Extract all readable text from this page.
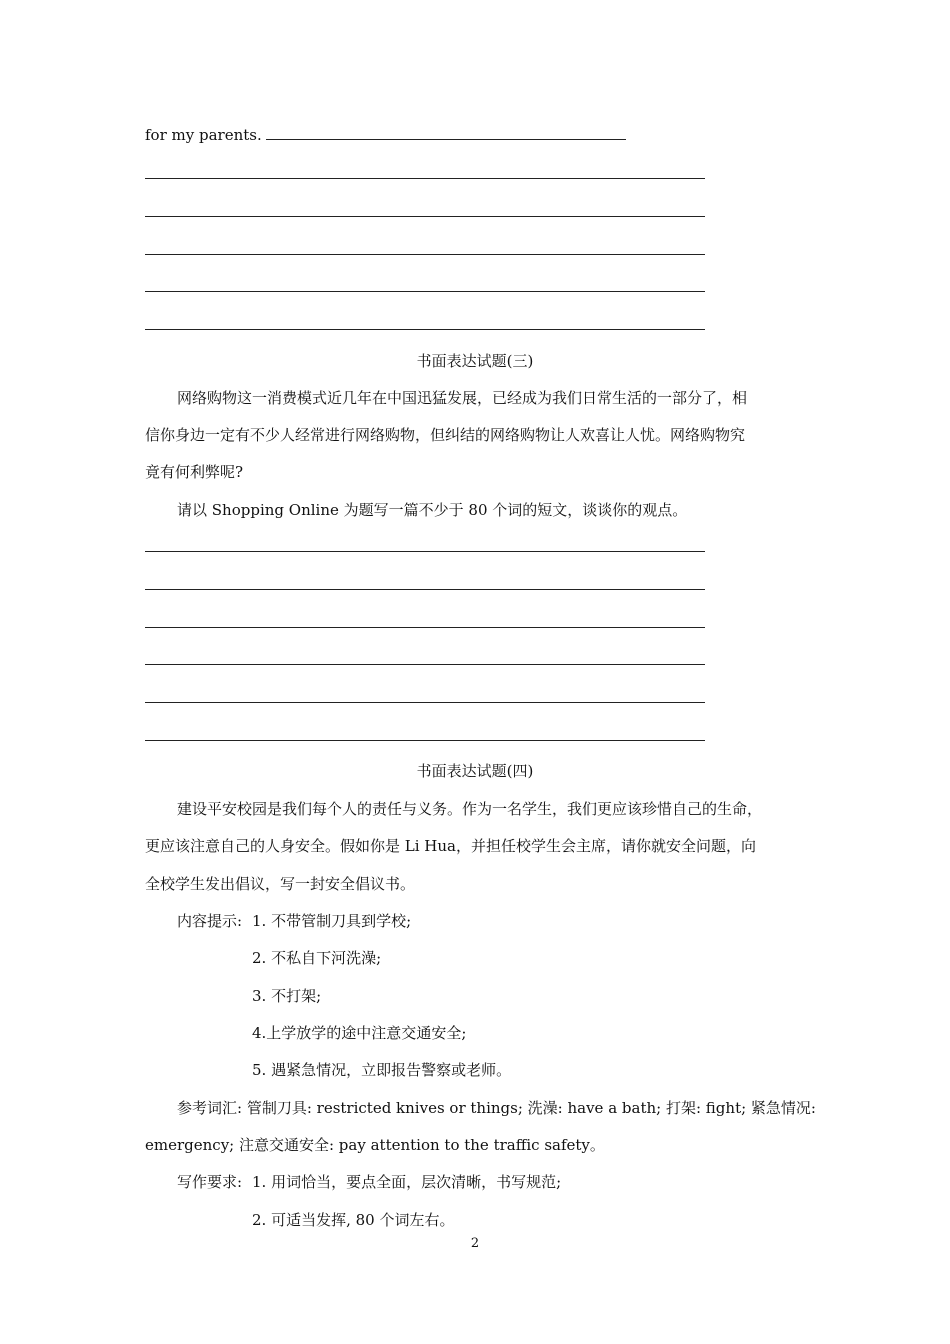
for my parents.
书面表达试题(三)
网络购物这一消费模式近几年在中国迅猛发展，已经成为我们日常生活的一部分了，相
信你身边一定有不少人经常进行网络购物，但纠结的网络购物让人欢喜让人忧。网络购物究
竟有何利弊呢?
请以 Shopping Online 为题写一篇不少于 80 个词的短文，谈谈你的观点。
书面表达试题(四)
建设平安校园是我们每个人的责任与义务。作为一名学生，我们更应该珍惜自己的生命，
更应该注意自己的人身安全。假如你是 Li Hua，并担任校学生会主席，请你就安全问题，向
全校学生发出倡议，写一封安全倡议书。
内容提示: 1. 不带管制刀具到学校;
2. 不私自下河洗澡;
3. 不打架;
4.上学放学的途中注意交通安全;
5. 遇紧急情况，立即报告警察或老师。
参考词汇: 管制刀具: restricted knives or things; 洗澡: have a bath; 打架: fight; 紧急情况:
emergency; 注意交通安全: pay attention to the traffic safety。
写作要求: 1. 用词恰当，要点全面，层次清晰，书写规范;
2. 可适当发挥, 80 个词左右。
2
